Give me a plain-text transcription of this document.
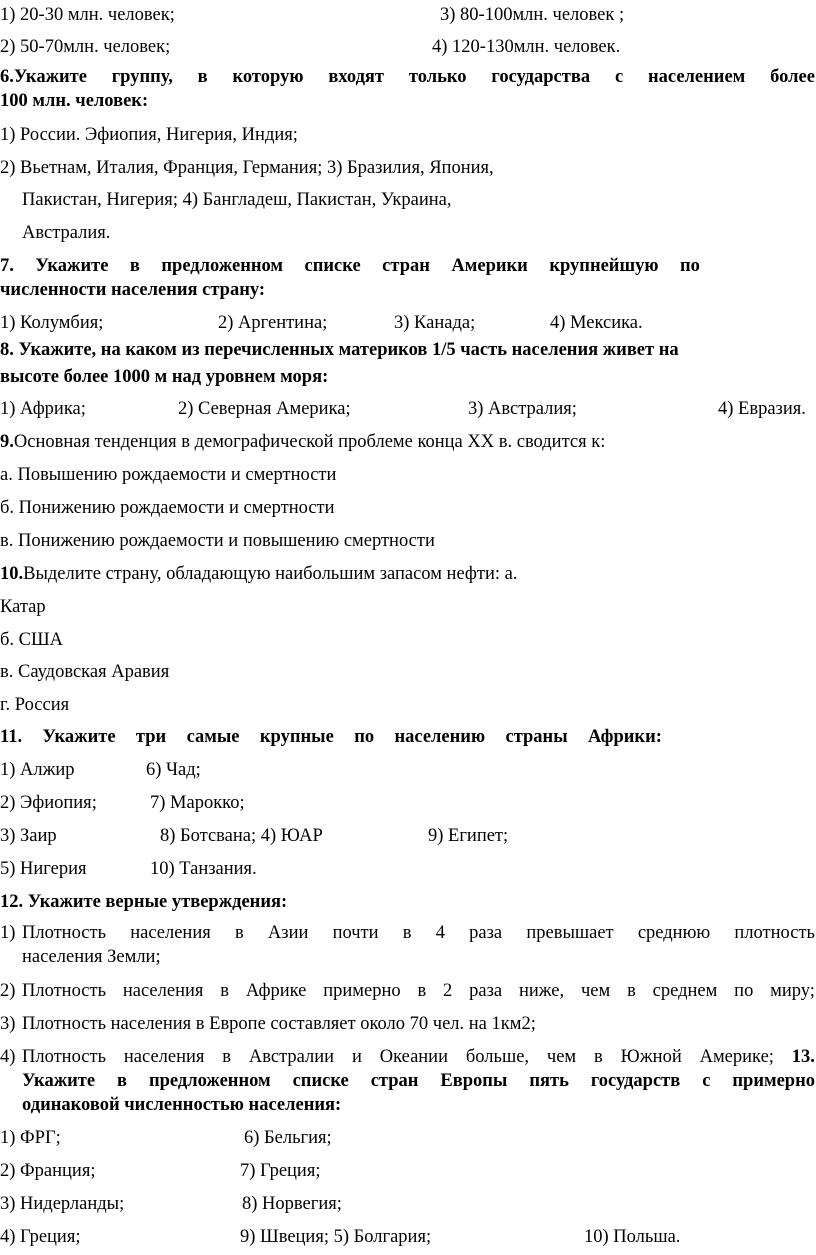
1) 20-30 млн. человек;	3) 80-100млн. человек ;
2) 50-70млн. человек;	4) 120-130млн. человек.
6.Укажите группу, в которую входят только государства с населением более
100 млн. человек:
1) России. Эфиопия, Нигерия, Индия;
2) Вьетнам, Италия, Франция, Германия; 3) Бразилия, Япония,
Пакистан, Нигерия; 4) Бангладеш, Пакистан, Украина,
Австралия.
7. Укажите в предложенном списке стран Америки крупнейшую по
численности населения страну:
1) Колумбия;	2) Аргентина;	3) Канада;	4) Мексика.
8. Укажите, на каком из перечисленных материков 1/5 часть населения живет на
высоте более 1000 м над уровнем моря:
1) Африка;	2) Северная Америка;	3) Австралия;	4) Евразия.
9.Основная тенденция в демографической проблеме конца XX в. сводится к:
а. Повышению рождаемости и смертности
б. Понижению рождаемости и смертности
в. Понижению рождаемости и повышению смертности
10.Выделите страну, обладающую наибольшим запасом нефти: а.
Катар
б. США
в. Саудовская Аравия
г. Россия
11. Укажите три самые крупные по населению страны Африки:
1) Алжир	6) Чад;
2) Эфиопия;	7) Марокко;
3) Заир	8) Ботсвана; 4) ЮАР	9) Египет;
5) Нигерия	10) Танзания.
12. Укажите верные утверждения:
1) Плотность населения в Азии почти в 4 раза превышает среднюю плотность
населения Земли;
2) Плотность населения в Африке примерно в 2 раза ниже, чем в среднем по миру;
3) Плотность населения в Европе составляет около 70 чел. на 1км2;
4) Плотность населения в Австралии и Океании больше, чем в Южной Америке; 13.
Укажите в предложенном списке стран Европы пять государств с примерно
одинаковой численностью населения:
1) ФРГ;	6) Бельгия;
2) Франция;	7) Греция;
3) Нидерланды;	8) Норвегия;
4) Греция;	9) Швеция; 5) Болгария;	10) Польша.
